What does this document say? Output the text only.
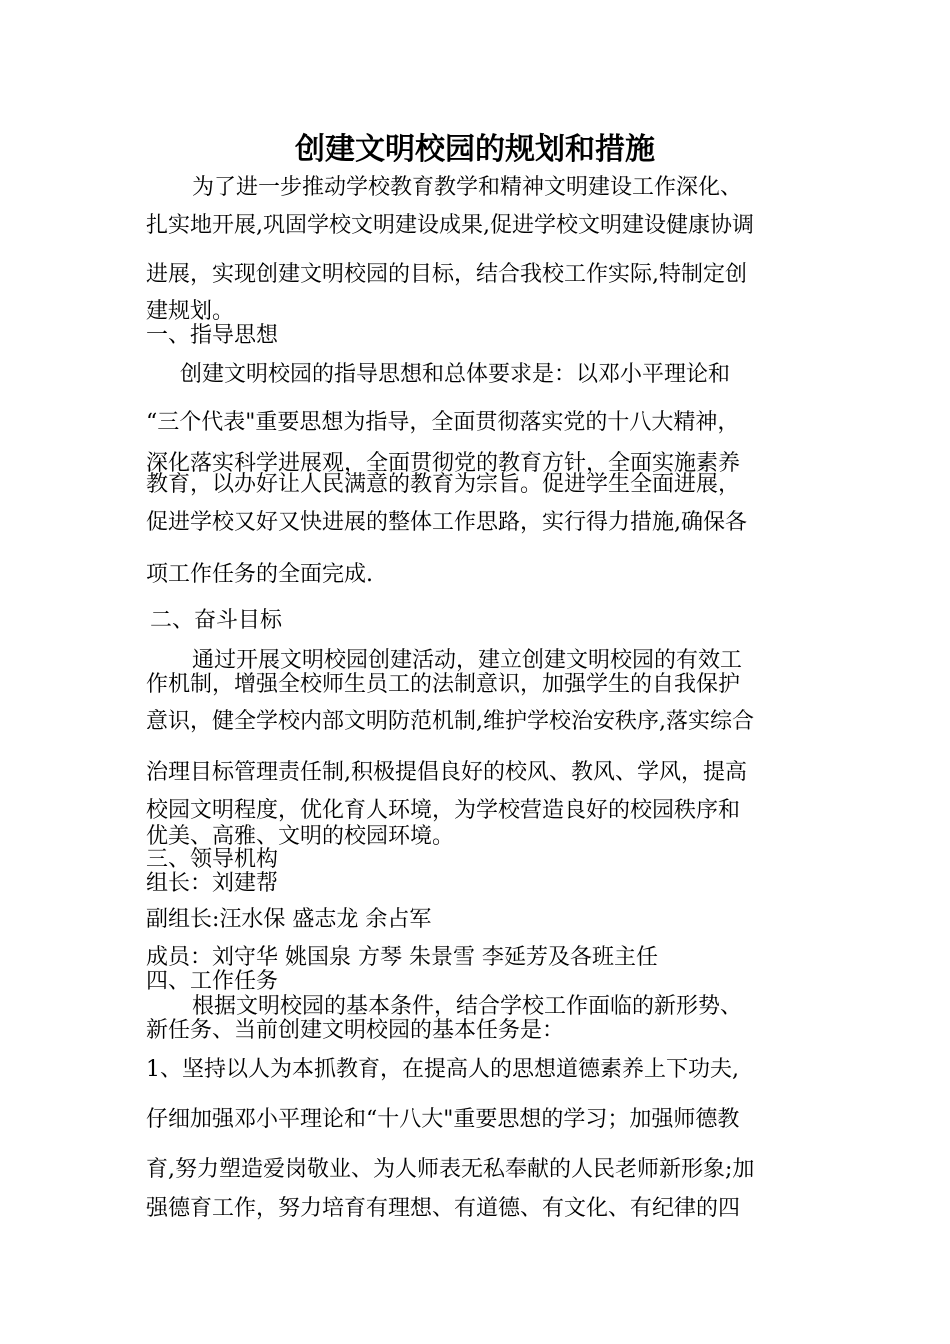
创建文明校园的规划和措施
为了进一步推动学校教育教学和精神文明建设工作深化、
扎实地开展,巩固学校文明建设成果,促进学校文明建设健康协调
进展，实现创建文明校园的目标，结合我校工作实际,特制定创
建规划。
一、指导思想
创建文明校园的指导思想和总体要求是：以邓小平理论和
“三个代表"重要思想为指导，全面贯彻落实党的十八大精神，
深化落实科学进展观，全面贯彻党的教育方针，全面实施素养
教育，以办好让人民满意的教育为宗旨。促进学生全面进展，
促进学校又好又快进展的整体工作思路，实行得力措施,确保各
项工作任务的全面完成.
二、奋斗目标
通过开展文明校园创建活动，建立创建文明校园的有效工
作机制，增强全校师生员工的法制意识，加强学生的自我保护
意识，健全学校内部文明防范机制,维护学校治安秩序,落实综合
治理目标管理责任制,积极提倡良好的校风、教风、学风，提高
校园文明程度，优化育人环境，为学校营造良好的校园秩序和
优美、高雅、文明的校园环境。
三、领导机构
组长：刘建帮
副组长:汪水保 盛志龙 余占军
成员：刘守华 姚国泉 方琴 朱景雪 李延芳及各班主任
四、工作任务
根据文明校园的基本条件，结合学校工作面临的新形势、
新任务、当前创建文明校园的基本任务是：
1、坚持以人为本抓教育，在提高人的思想道德素养上下功夫,
仔细加强邓小平理论和“十八大"重要思想的学习；加强师德教
育,努力塑造爱岗敬业、为人师表无私奉献的人民老师新形象;加
强德育工作，努力培育有理想、有道德、有文化、有纪律的四
